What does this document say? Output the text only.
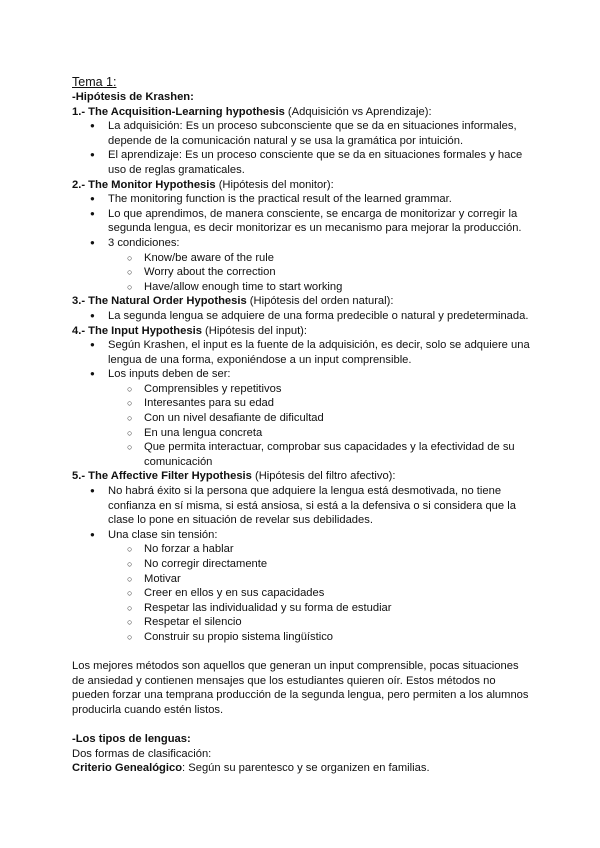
Tema 1:
-Hipótesis de Krashen:
1.- The Acquisition-Learning hypothesis (Adquisición vs Aprendizaje):
● La adquisición: Es un proceso subconsciente que se da en situaciones informales, depende de la comunicación natural y se usa la gramática por intuición.
● El aprendizaje: Es un proceso consciente que se da en situaciones formales y hace uso de reglas gramaticales.
2.- The Monitor Hypothesis (Hipótesis del monitor):
● The monitoring function is the practical result of the learned grammar.
● Lo que aprendimos, de manera consciente, se encarga de monitorizar y corregir la segunda lengua, es decir monitorizar es un mecanismo para mejorar la producción.
● 3 condiciones:
○ Know/be aware of the rule
○ Worry about the correction
○ Have/allow enough time to start working
3.- The Natural Order Hypothesis (Hipótesis del orden natural):
● La segunda lengua se adquiere de una forma predecible o natural y predeterminada.
4.- The Input Hypothesis (Hipótesis del input):
● Según Krashen, el input es la fuente de la adquisición, es decir, solo se adquiere una lengua de una forma, exponiéndose a un input comprensible.
● Los inputs deben de ser:
○ Comprensibles y repetitivos
○ Interesantes para su edad
○ Con un nivel desafiante de dificultad
○ En una lengua concreta
○ Que permita interactuar, comprobar sus capacidades y la efectividad de su comunicación
5.- The Affective Filter Hypothesis (Hipótesis del filtro afectivo):
● No habrá éxito si la persona que adquiere la lengua está desmotivada, no tiene confianza en sí misma, si está ansiosa, si está a la defensiva o si considera que la clase lo pone en situación de revelar sus debilidades.
● Una clase sin tensión:
○ No forzar a hablar
○ No corregir directamente
○ Motivar
○ Creer en ellos y en sus capacidades
○ Respetar las individualidad y su forma de estudiar
○ Respetar el silencio
○ Construir su propio sistema lingüístico
Los mejores métodos son aquellos que generan un input comprensible, pocas situaciones de ansiedad y contienen mensajes que los estudiantes quieren oír. Estos métodos no pueden forzar una temprana producción de la segunda lengua, pero permiten a los alumnos producirla cuando estén listos.
-Los tipos de lenguas:
Dos formas de clasificación:
Criterio Genealógico: Según su parentesco y se organizen en familias.
